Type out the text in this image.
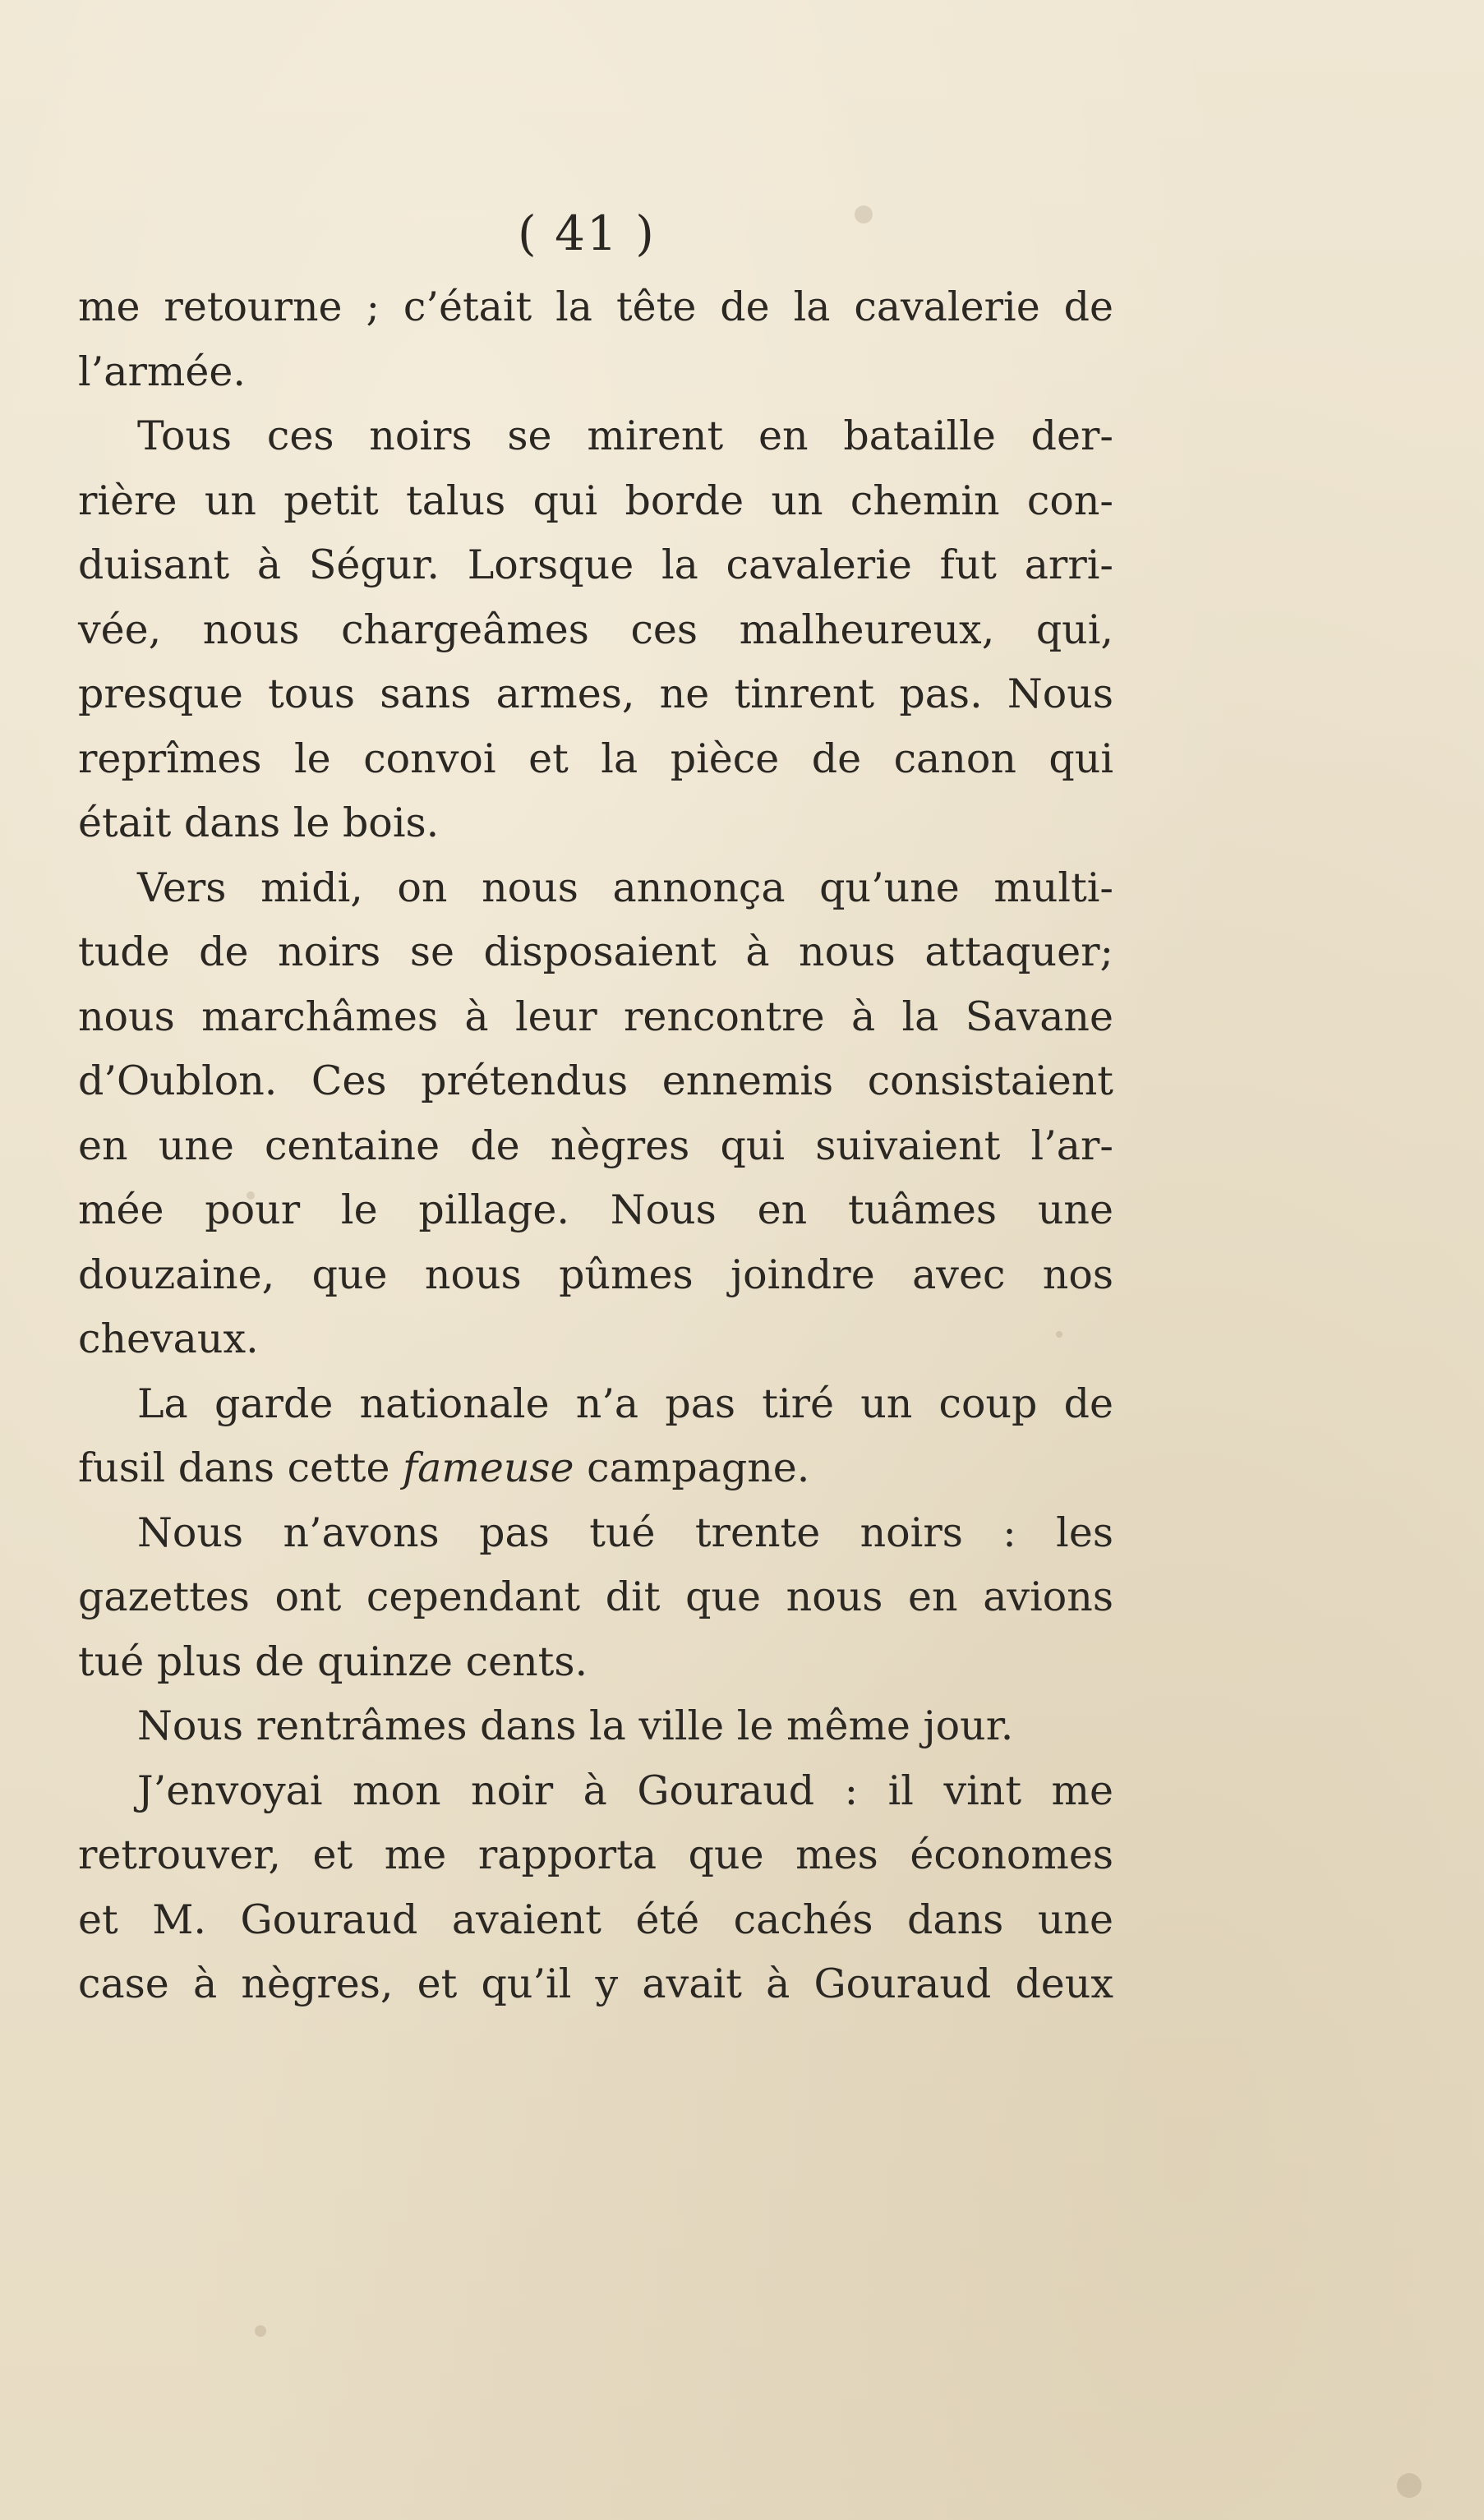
( 41 )
me retourne ; c’était la tête de la cavalerie de
l’armée.
Tous ces noirs se mirent en bataille der-
rière un petit talus qui borde un chemin con-
duisant à Ségur. Lorsque la cavalerie fut arri-
vée, nous chargeâmes ces malheureux, qui,
presque tous sans armes, ne tinrent pas. Nous
reprîmes le convoi et la pièce de canon qui
était dans le bois.
Vers midi, on nous annonça qu’une multi-
tude de noirs se disposaient à nous attaquer;
nous marchâmes à leur rencontre à la Savane
d’Oublon. Ces prétendus ennemis consistaient
en une centaine de nègres qui suivaient l’ar-
mée pour le pillage. Nous en tuâmes une
douzaine, que nous pûmes joindre avec nos
chevaux.
La garde nationale n’a pas tiré un coup de
fusil dans cette fameuse campagne.
Nous n’avons pas tué trente noirs : les
gazettes ont cependant dit que nous en avions
tué plus de quinze cents.
Nous rentrâmes dans la ville le même jour.
J’envoyai mon noir à Gouraud : il vint me
retrouver, et me rapporta que mes économes
et M. Gouraud avaient été cachés dans une
case à nègres, et qu’il y avait à Gouraud deux
